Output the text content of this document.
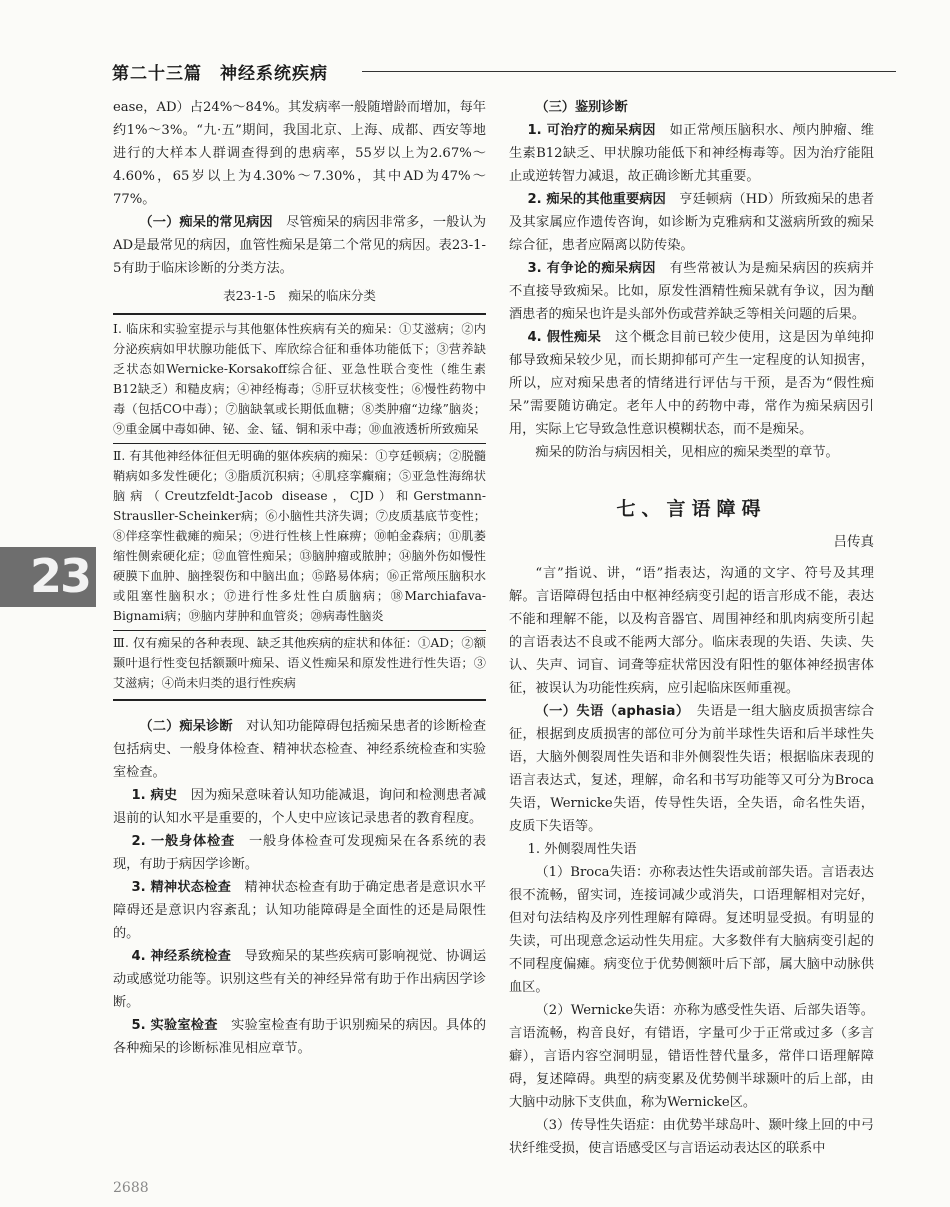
第二十三篇　神经系统疾病
23

ease，AD）占24%～84%。其发病率一般随增龄而增加，每年约1%～3%。“九·五”期间，我国北京、上海、成都、西安等地进行的大样本人群调查得到的患病率，55岁以上为2.67%～4.60%，65岁以上为4.30%～7.30%，其中AD为47%～77%。

（一）痴呆的常见病因　 尽管痴呆的病因非常多，一般认为AD是最常见的病因，血管性痴呆是第二个常见的病因。表23-1-5有助于临床诊断的分类方法。

表23-1-5　痴呆的临床分类

Ⅰ. 临床和实验室提示与其他躯体性疾病有关的痴呆：①艾滋病；②内分泌疾病如甲状腺功能低下、库欣综合征和垂体功能低下；③营养缺乏状态如Wernicke-Korsakoff综合征、亚急性联合变性（维生素B12缺乏）和糙皮病；④神经梅毒；⑤肝豆状核变性；⑥慢性药物中毒（包括CO中毒）；⑦脑缺氧或长期低血糖；⑧类肿瘤“边缘”脑炎；⑨重金属中毒如砷、铋、金、锰、铜和汞中毒；⑩血液透析所致痴呆

Ⅱ. 有其他神经体征但无明确的躯体疾病的痴呆：①亨廷顿病；②脱髓鞘病如多发性硬化；③脂质沉积病；④肌痉挛癫痫；⑤亚急性海绵状脑病（Creutzfeldt-Jacob disease，CJD）和Gerstmann-Strausller-Scheinker病；⑥小脑性共济失调；⑦皮质基底节变性；⑧伴痉挛性截瘫的痴呆；⑨进行性核上性麻痹；⑩帕金森病；⑪肌萎缩性侧索硬化症；⑫血管性痴呆；⑬脑肿瘤或脓肿；⑭脑外伤如慢性硬膜下血肿、脑挫裂伤和中脑出血；⑮路易体病；⑯正常颅压脑积水或阻塞性脑积水；⑰进行性多灶性白质脑病；⑱Marchiafava-Bignami病；⑲脑内芽肿和血管炎；⑳病毒性脑炎

Ⅲ. 仅有痴呆的各种表现、缺乏其他疾病的症状和体征：①AD；②额颞叶退行性变包括额颞叶痴呆、语义性痴呆和原发性进行性失语；③艾滋病；④尚未归类的退行性疾病

（二）痴呆诊断　 对认知功能障碍包括痴呆患者的诊断检查包括病史、一般身体检查、精神状态检查、神经系统检查和实验室检查。

1. 病史　 因为痴呆意味着认知功能减退，询问和检测患者减退前的认知水平是重要的，个人史中应该记录患者的教育程度。

2. 一般身体检查　 一般身体检查可发现痴呆在各系统的表现，有助于病因学诊断。

3. 精神状态检查　 精神状态检查有助于确定患者是意识水平障碍还是意识内容紊乱；认知功能障碍是全面性的还是局限性的。

4. 神经系统检查　 导致痴呆的某些疾病可影响视觉、协调运动或感觉功能等。识别这些有关的神经异常有助于作出病因学诊断。

5. 实验室检查　 实验室检查有助于识别痴呆的病因。具体的各种痴呆的诊断标准见相应章节。

（三）鉴别诊断

1. 可治疗的痴呆病因　 如正常颅压脑积水、颅内肿瘤、维生素B12缺乏、甲状腺功能低下和神经梅毒等。因为治疗能阻止或逆转智力减退，故正确诊断尤其重要。

2. 痴呆的其他重要病因　 亨廷顿病（HD）所致痴呆的患者及其家属应作遗传咨询，如诊断为克雅病和艾滋病所致的痴呆综合征，患者应隔离以防传染。

3. 有争论的痴呆病因　 有些常被认为是痴呆病因的疾病并不直接导致痴呆。比如，原发性酒精性痴呆就有争议，因为酗酒患者的痴呆也许是头部外伤或营养缺乏等相关问题的后果。

4. 假性痴呆　 这个概念目前已较少使用，这是因为单纯抑郁导致痴呆较少见，而长期抑郁可产生一定程度的认知损害，所以，应对痴呆患者的情绪进行评估与干预，是否为“假性痴呆”需要随访确定。老年人中的药物中毒，常作为痴呆病因引用，实际上它导致急性意识模糊状态，而不是痴呆。

痴呆的防治与病因相关，见相应的痴呆类型的章节。

七、言语障碍
吕传真

“言”指说、讲，“语”指表达，沟通的文字、符号及其理解。言语障碍包括由中枢神经病变引起的语言形成不能，表达不能和理解不能，以及构音器官、周围神经和肌肉病变所引起的言语表达不良或不能两大部分。临床表现的失语、失读、失认、失声、词盲、词聋等症状常因没有阳性的躯体神经损害体征，被误认为功能性疾病，应引起临床医师重视。

（一）失语（aphasia）　 失语是一组大脑皮质损害综合征，根据到皮质损害的部位可分为前半球性失语和后半球性失语，大脑外侧裂周性失语和非外侧裂性失语；根据临床表现的语言表达式，复述，理解，命名和书写功能等又可分为Broca失语，Wernicke失语，传导性失语，全失语，命名性失语，皮质下失语等。

1. 外侧裂周性失语

（1）Broca失语：亦称表达性失语或前部失语。言语表达很不流畅，留实词，连接词减少或消失，口语理解相对完好，但对句法结构及序列性理解有障碍。复述明显受损。有明显的失读，可出现意念运动性失用症。大多数伴有大脑病变引起的不同程度偏瘫。病变位于优势侧额叶后下部，属大脑中动脉供血区。

（2）Wernicke失语：亦称为感受性失语、后部失语等。言语流畅，构音良好，有错语，字量可少于正常或过多（多言癖），言语内容空洞明显，错语性替代量多，常伴口语理解障碍，复述障碍。典型的病变累及优势侧半球颞叶的后上部，由大脑中动脉下支供血，称为Wernicke区。

（3）传导性失语症：由优势半球岛叶、颞叶缘上回的中弓状纤维受损，使言语感受区与言语运动表达区的联系中

2688
